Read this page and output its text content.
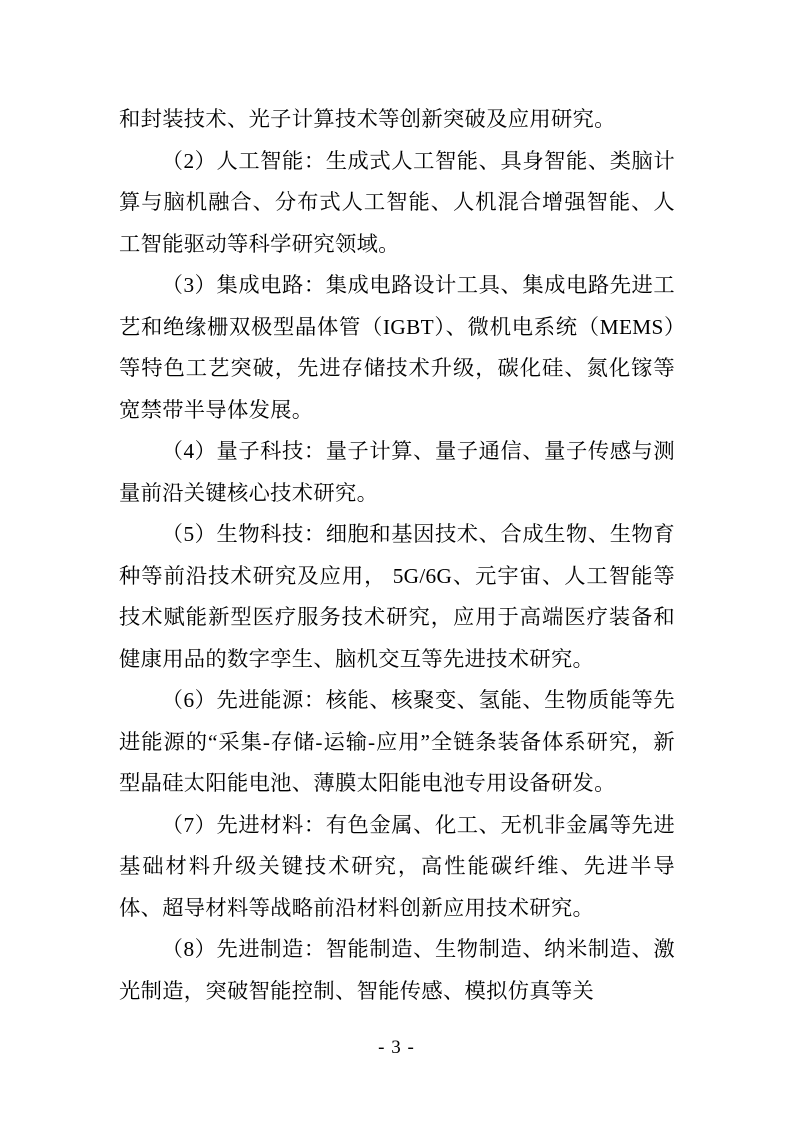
和封装技术、光子计算技术等创新突破及应用研究。

（2）人工智能：生成式人工智能、具身智能、类脑计算与脑机融合、分布式人工智能、人机混合增强智能、人工智能驱动等科学研究领域。

（3）集成电路：集成电路设计工具、集成电路先进工艺和绝缘栅双极型晶体管（IGBT）、微机电系统（MEMS）等特色工艺突破，先进存储技术升级，碳化硅、氮化镓等宽禁带半导体发展。

（4）量子科技：量子计算、量子通信、量子传感与测量前沿关键核心技术研究。

（5）生物科技：细胞和基因技术、合成生物、生物育种等前沿技术研究及应用， 5G/6G、元宇宙、人工智能等技术赋能新型医疗服务技术研究，应用于高端医疗装备和健康用品的数字孪生、脑机交互等先进技术研究。

（6）先进能源：核能、核聚变、氢能、生物质能等先进能源的“采集-存储-运输-应用”全链条装备体系研究，新型晶硅太阳能电池、薄膜太阳能电池专用设备研发。

（7）先进材料：有色金属、化工、无机非金属等先进基础材料升级关键技术研究，高性能碳纤维、先进半导体、超导材料等战略前沿材料创新应用技术研究。

（8）先进制造：智能制造、生物制造、纳米制造、激光制造，突破智能控制、智能传感、模拟仿真等关

- 3 -
